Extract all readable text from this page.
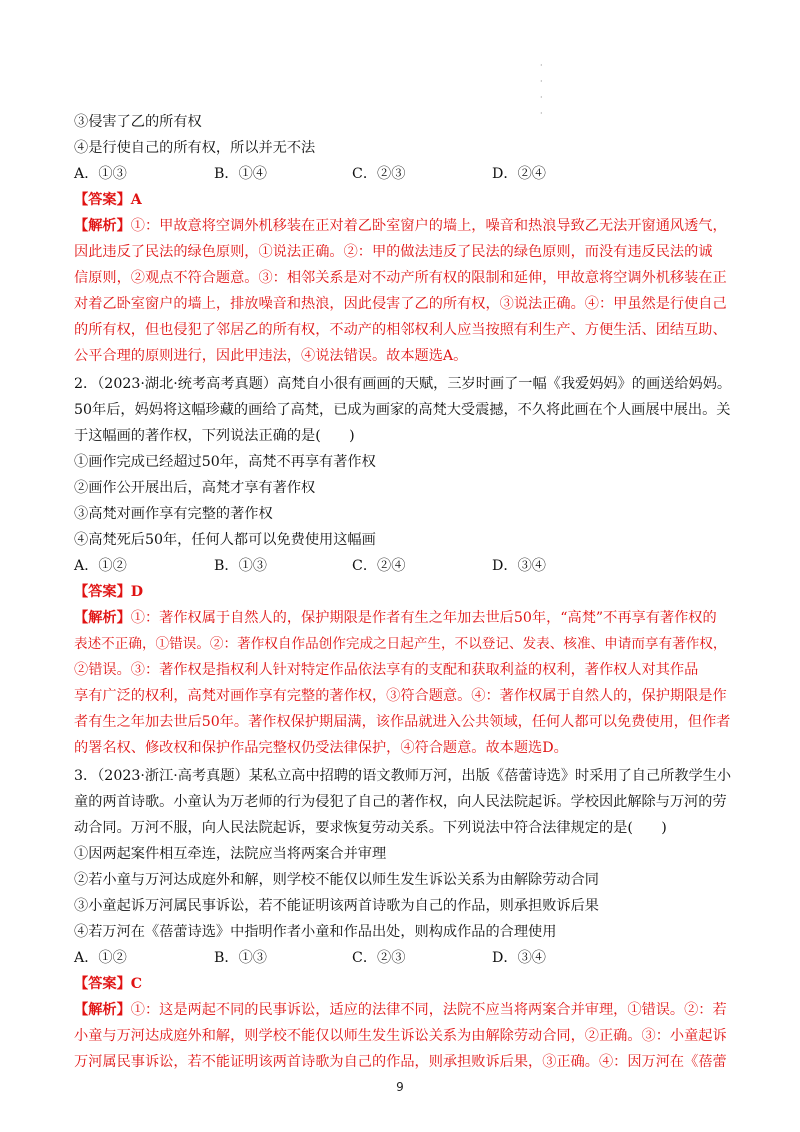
·
·
·
·
③侵害了乙的所有权
④是行使自己的所有权，所以并无不法
A．①③	B．①④	C．②③	D．②④
【答案】A
【解析】①：甲故意将空调外机移装在正对着乙卧室窗户的墙上，噪音和热浪导致乙无法开窗通风透气，
因此违反了民法的绿色原则，①说法正确。②：甲的做法违反了民法的绿色原则，而没有违反民法的诚
信原则，②观点不符合题意。③：相邻关系是对不动产所有权的限制和延伸，甲故意将空调外机移装在正
对着乙卧室窗户的墙上，排放噪音和热浪，因此侵害了乙的所有权，③说法正确。④：甲虽然是行使自己
的所有权，但也侵犯了邻居乙的所有权，不动产的相邻权利人应当按照有利生产、方便生活、团结互助、
公平合理的原则进行，因此甲违法，④说法错误。故本题选A。
2．（2023·湖北·统考高考真题）高梵自小很有画画的天赋，三岁时画了一幅《我爱妈妈》的画送给妈妈。
50年后，妈妈将这幅珍藏的画给了高梵，已成为画家的高梵大受震撼，不久将此画在个人画展中展出。关
于这幅画的著作权，下列说法正确的是(　　)
①画作完成已经超过50年，高梵不再享有著作权
②画作公开展出后，高梵才享有著作权
③高梵对画作享有完整的著作权
④高梵死后50年，任何人都可以免费使用这幅画
A．①②	B．①③	C．②④	D．③④
【答案】D
【解析】①：著作权属于自然人的，保护期限是作者有生之年加去世后50年，“高梵”不再享有著作权的
表述不正确，①错误。②：著作权自作品创作完成之日起产生，不以登记、发表、核准、申请而享有著作权，
②错误。③：著作权是指权利人针对特定作品依法享有的支配和获取利益的权利，著作权人对其作品
享有广泛的权利，高梵对画作享有完整的著作权，③符合题意。④：著作权属于自然人的，保护期限是作
者有生之年加去世后50年。著作权保护期届满，该作品就进入公共领域，任何人都可以免费使用，但作者
的署名权、修改权和保护作品完整权仍受法律保护，④符合题意。故本题选D。
3．（2023·浙江·高考真题）某私立高中招聘的语文教师万河，出版《蓓蕾诗选》时采用了自己所教学生小
童的两首诗歌。小童认为万老师的行为侵犯了自己的著作权，向人民法院起诉。学校因此解除与万河的劳
动合同。万河不服，向人民法院起诉，要求恢复劳动关系。下列说法中符合法律规定的是(　　)
①因两起案件相互牵连，法院应当将两案合并审理
②若小童与万河达成庭外和解，则学校不能仅以师生发生诉讼关系为由解除劳动合同
③小童起诉万河属民事诉讼，若不能证明该两首诗歌为自己的作品，则承担败诉后果
④若万河在《蓓蕾诗选》中指明作者小童和作品出处，则构成作品的合理使用
A．①②	B．①③	C．②③	D．③④
【答案】C
【解析】①：这是两起不同的民事诉讼，适应的法律不同，法院不应当将两案合并审理，①错误。②：若
小童与万河达成庭外和解，则学校不能仅以师生发生诉讼关系为由解除劳动合同，②正确。③：小童起诉
万河属民事诉讼，若不能证明该两首诗歌为自己的作品，则承担败诉后果，③正确。④：因万河在《蓓蕾
9
